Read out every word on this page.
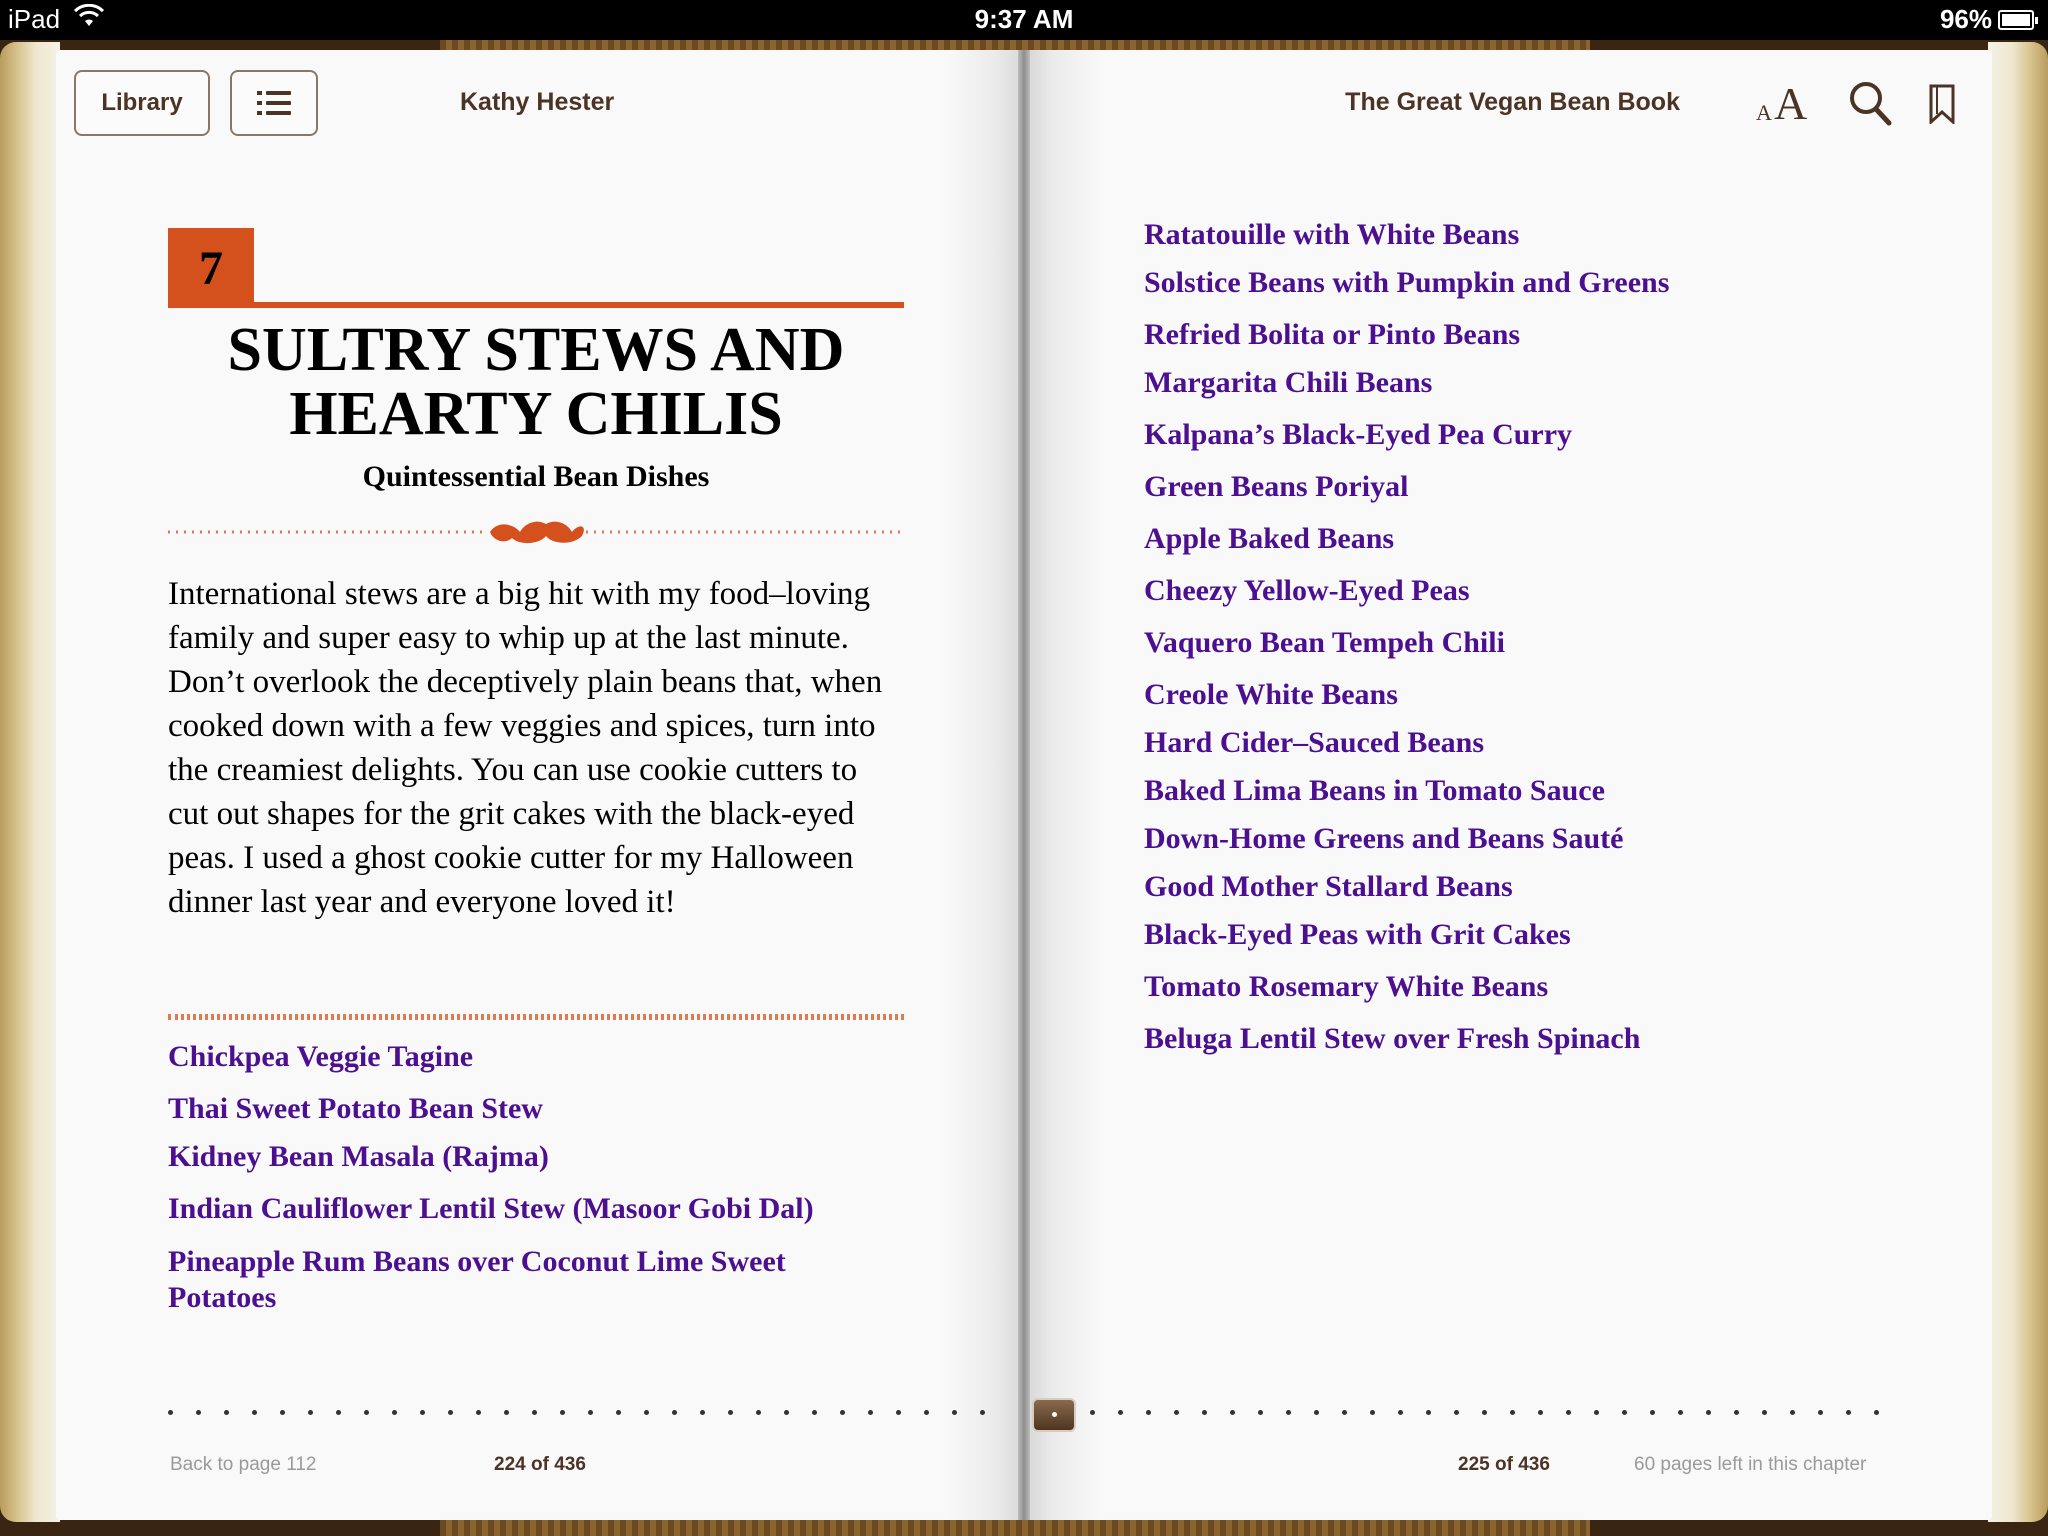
iPad	9:37 AM	96%
Library	Kathy Hester	The Great Vegan Bean Book	A A
7
SULTRY STEWS AND HEARTY CHILIS
Quintessential Bean Dishes
International stews are a big hit with my food–loving family and super easy to whip up at the last minute. Don’t overlook the deceptively plain beans that, when cooked down with a few veggies and spices, turn into the creamiest delights. You can use cookie cutters to cut out shapes for the grit cakes with the black-eyed peas. I used a ghost cookie cutter for my Halloween dinner last year and everyone loved it!
Chickpea Veggie Tagine
Thai Sweet Potato Bean Stew
Kidney Bean Masala (Rajma)
Indian Cauliflower Lentil Stew (Masoor Gobi Dal)
Pineapple Rum Beans over Coconut Lime Sweet Potatoes
Ratatouille with White Beans
Solstice Beans with Pumpkin and Greens
Refried Bolita or Pinto Beans
Margarita Chili Beans
Kalpana’s Black-Eyed Pea Curry
Green Beans Poriyal
Apple Baked Beans
Cheezy Yellow-Eyed Peas
Vaquero Bean Tempeh Chili
Creole White Beans
Hard Cider–Sauced Beans
Baked Lima Beans in Tomato Sauce
Down-Home Greens and Beans Sauté
Good Mother Stallard Beans
Black-Eyed Peas with Grit Cakes
Tomato Rosemary White Beans
Beluga Lentil Stew over Fresh Spinach
Back to page 112	224 of 436	225 of 436	60 pages left in this chapter
